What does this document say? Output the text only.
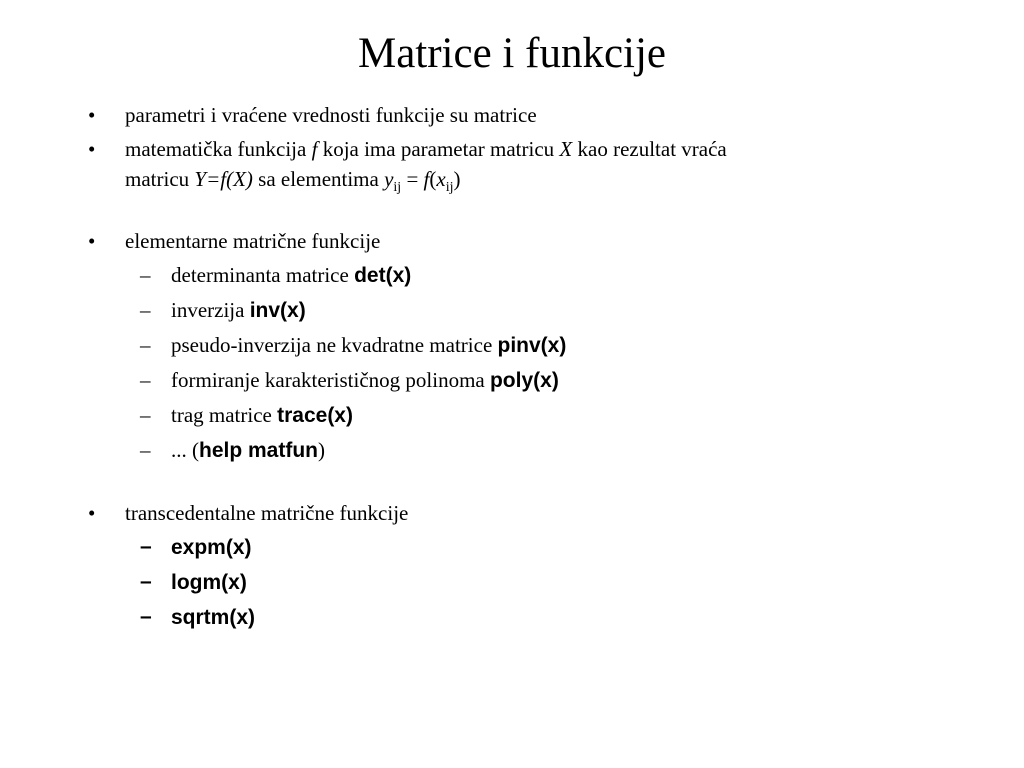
Matrice i funkcije
•	parametri i vraćene vrednosti funkcije su matrice
•	matematička funkcija f koja ima parametar matricu X kao rezultat vraća
matricu Y=f(X) sa elementima $y_{ij} = f(x_{ij})$
•	elementarne matrične funkcije
– determinanta matrice det(x)
– inverzija inv(x)
– pseudo-inverzija ne kvadratne matrice pinv(x)
– formiranje karakterističnog polinoma poly(x)
– trag matrice trace(x)
– ... (help matfun)
•	transcedentalne matrične funkcije
– expm(x)
– logm(x)
– sqrtm(x)
